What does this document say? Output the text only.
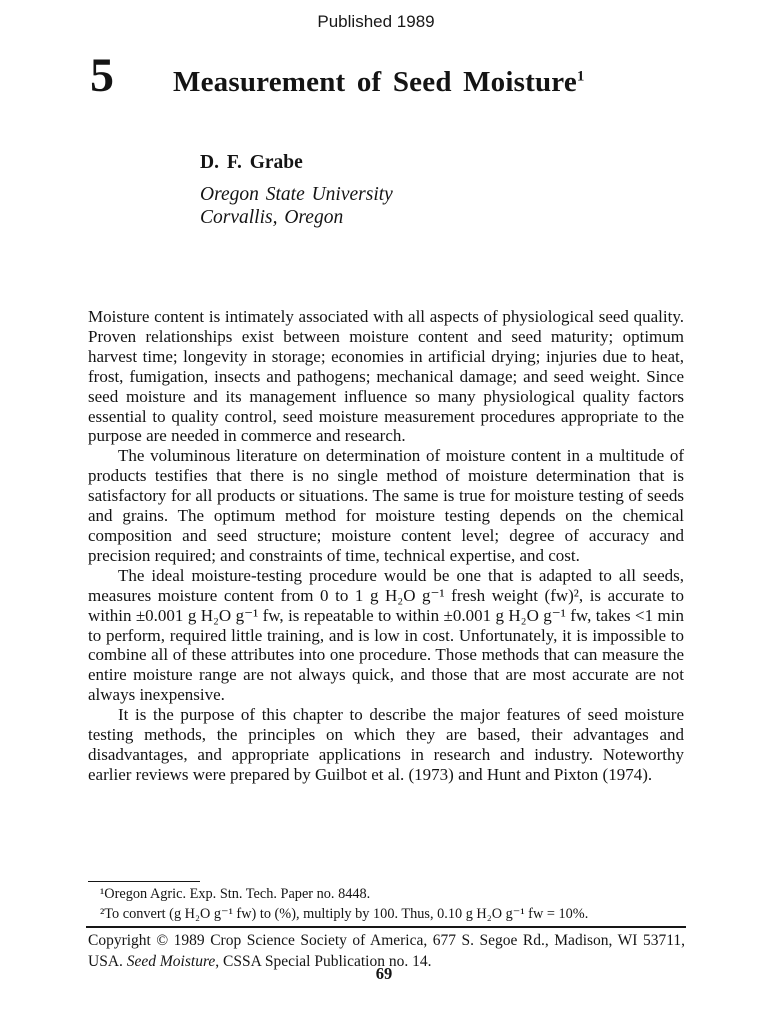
Published 1989
5 Measurement of Seed Moisture$^1$
D. F. Grabe
Oregon State University
Corvallis, Oregon

Moisture content is intimately associated with all aspects of physiological seed quality. Proven relationships exist between moisture content and seed maturity; optimum harvest time; longevity in storage; economies in artificial drying; injuries due to heat, frost, fumigation, insects and pathogens; mechanical damage; and seed weight. Since seed moisture and its management influence so many physiological quality factors essential to quality control, seed moisture measurement procedures appropriate to the purpose are needed in commerce and research.

The voluminous literature on determination of moisture content in a multitude of products testifies that there is no single method of moisture determination that is satisfactory for all products or situations. The same is true for moisture testing of seeds and grains. The optimum method for moisture testing depends on the chemical composition and seed structure; moisture content level; degree of accuracy and precision required; and constraints of time, technical expertise, and cost.

The ideal moisture-testing procedure would be one that is adapted to all seeds, measures moisture content from 0 to 1 g H₂O g⁻¹ fresh weight (fw)², is accurate to within ±0.001 g H₂O g⁻¹ fw, is repeatable to within ±0.001 g H₂O g⁻¹ fw, takes <1 min to perform, required little training, and is low in cost. Unfortunately, it is impossible to combine all of these attributes into one procedure. Those methods that can measure the entire moisture range are not always quick, and those that are most accurate are not always inexpensive.

It is the purpose of this chapter to describe the major features of seed moisture testing methods, the principles on which they are based, their advantages and disadvantages, and appropriate applications in research and industry. Noteworthy earlier reviews were prepared by Guilbot et al. (1973) and Hunt and Pixton (1974).

¹Oregon Agric. Exp. Stn. Tech. Paper no. 8448.

²To convert (g H₂O g⁻¹ fw) to (%), multiply by 100. Thus, 0.10 g H₂O g⁻¹ fw = 10%.

Copyright © 1989 Crop Science Society of America, 677 S. Segoe Rd., Madison, WI 53711, USA. Seed Moisture, CSSA Special Publication no. 14.
69
